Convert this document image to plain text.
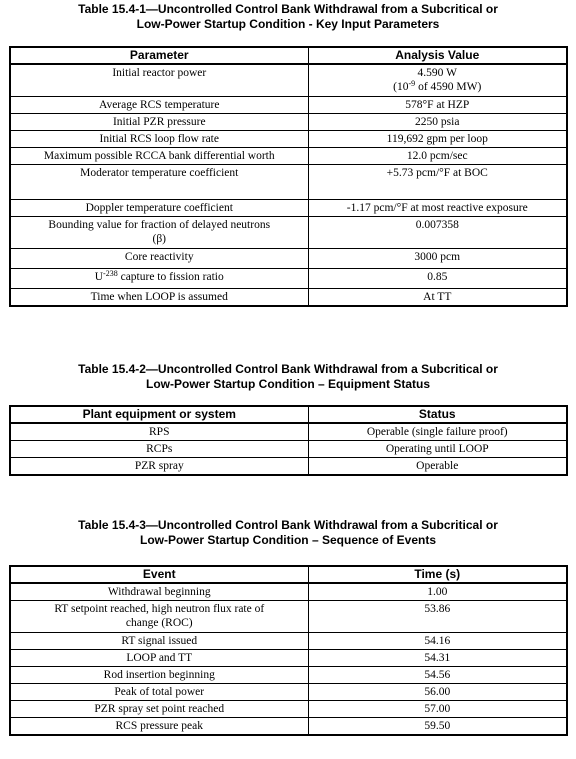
Table 15.4-1—Uncontrolled Control Bank Withdrawal from a Subcritical or
Low-Power Startup Condition - Key Input Parameters
Parameter	Analysis Value
Initial reactor power	4.590 W
($10^{-9}$ of 4590 MW)

Average RCS temperature	578°F at HZP
Initial PZR pressure	2250 psia
Initial RCS loop flow rate	119,692 gpm per loop
Maximum possible RCCA bank differential worth	12.0 pcm/sec
Moderator temperature coefficient	+5.73 pcm/°F at BOC
Doppler temperature coefficient	-1.17 pcm/°F at most reactive exposure

Bounding value for fraction of delayed neutrons
(β)	0.007358
Core reactivity	3000 pcm
$U^{-238}$ capture to fission ratio	0.85
Time when LOOP is assumed	At TT
Table 15.4-2—Uncontrolled Control Bank Withdrawal from a Subcritical or
Low-Power Startup Condition – Equipment Status
Plant equipment or system	Status
RPS	Operable (single failure proof)
RCPs	Operating until LOOP
PZR spray	Operable
Table 15.4-3—Uncontrolled Control Bank Withdrawal from a Subcritical or
Low-Power Startup Condition – Sequence of Events
Event	Time (s)
Withdrawal beginning	1.00

RT setpoint reached, high neutron flux rate of
change (ROC)	53.86
RT signal issued	54.16
LOOP and TT	54.31
Rod insertion beginning	54.56
Peak of total power	56.00
PZR spray set point reached	57.00
RCS pressure peak	59.50
